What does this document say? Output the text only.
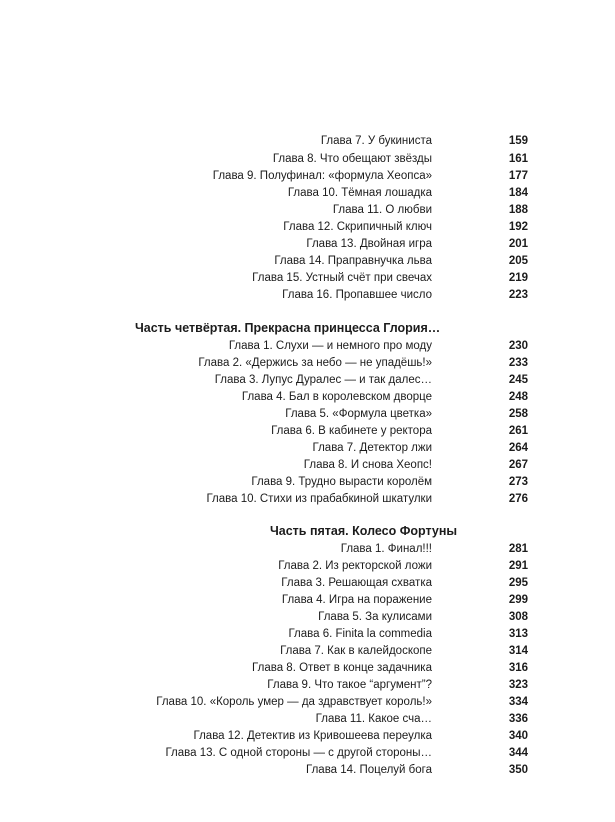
Глава 7. У букиниста	159
Глава 8. Что обещают звёзды	161
Глава 9. Полуфинал: «формула Хеопса»	177
Глава 10. Тёмная лошадка	184
Глава 11. О любви	188
Глава 12. Скрипичный ключ	192
Глава 13. Двойная игра	201
Глава 14. Праправнучка льва	205
Глава 15. Устный счёт при свечах	219
Глава 16. Пропавшее число	223
Часть четвёртая. Прекрасна принцесса Глория…
Глава 1. Слухи — и немного про моду	230
Глава 2. «Держись за небо — не упадёшь!»	233
Глава 3. Лупус Дуралес — и так далес…	245
Глава 4. Бал в королевском дворце	248
Глава 5. «Формула цветка»	258
Глава 6. В кабинете у ректора	261
Глава 7. Детектор лжи	264
Глава 8. И снова Хеопс!	267
Глава 9. Трудно вырасти королём	273
Глава 10. Стихи из прабабкиной шкатулки	276
Часть пятая. Колесо Фортуны
Глава 1. Финал!!!	281
Глава 2. Из ректорской ложи	291
Глава 3. Решающая схватка	295
Глава 4. Игра на поражение	299
Глава 5. За кулисами	308
Глава 6. Finita la commedia	313
Глава 7. Как в калейдоскопе	314
Глава 8. Ответ в конце задачника	316
Глава 9. Что такое “аргумент”?	323
Глава 10. «Король умер — да здравствует король!»	334
Глава 11. Какое сча…	336
Глава 12. Детектив из Кривошеева переулка	340
Глава 13. С одной стороны — с другой стороны…	344
Глава 14. Поцелуй бога	350
